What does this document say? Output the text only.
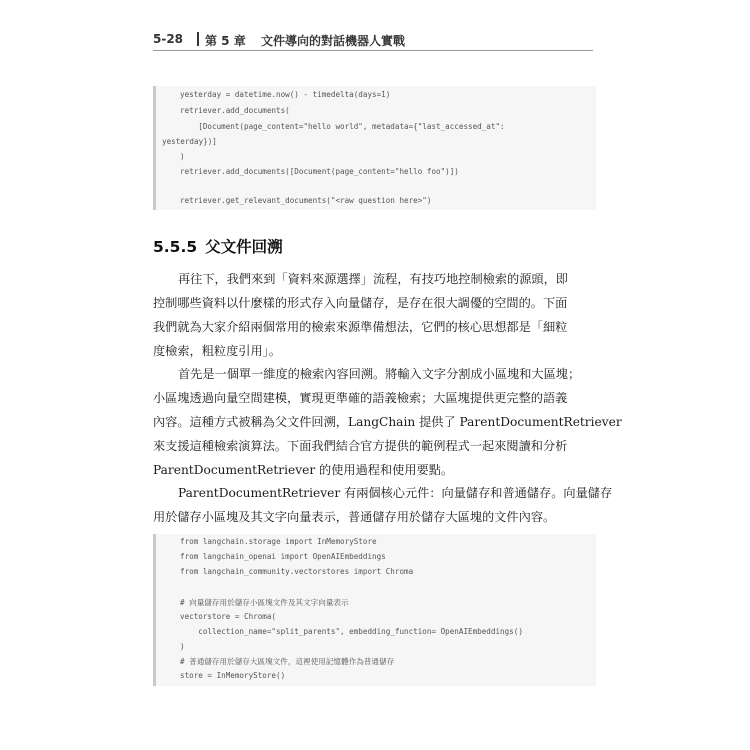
5-28 第 5 章 文件導向的對話機器人實戰
yesterday = datetime.now() - timedelta(days=1)
retriever.add_documents(
[Document(page_content="hello world", metadata={"last_accessed_at":
yesterday})]
)
retriever.add_documents([Document(page_content="hello foo")])
retriever.get_relevant_documents("<raw question here>")
5.5.5 父文件回溯
再往下，我們來到「資料來源選擇」流程，有技巧地控制檢索的源頭，即
控制哪些資料以什麼樣的形式存入向量儲存，是存在很大調優的空間的。下面
我們就為大家介紹兩個常用的檢索來源準備想法，它們的核心思想都是「細粒
度檢索，粗粒度引用」。
首先是一個單一維度的檢索內容回溯。將輸入文字分割成小區塊和大區塊；
小區塊透過向量空間建模，實現更準確的語義檢索；大區塊提供更完整的語義
內容。這種方式被稱為父文件回溯，LangChain 提供了 ParentDocumentRetriever
來支援這種檢索演算法。下面我們結合官方提供的範例程式一起來閱讀和分析
ParentDocumentRetriever 的使用過程和使用要點。
ParentDocumentRetriever 有兩個核心元件：向量儲存和普通儲存。向量儲存
用於儲存小區塊及其文字向量表示，普通儲存用於儲存大區塊的文件內容。
from langchain.storage import InMemoryStore
from langchain_openai import OpenAIEmbeddings
from langchain_community.vectorstores import Chroma
# 向量儲存用於儲存小區塊文件及其文字向量表示
vectorstore = Chroma(
collection_name="split_parents", embedding_function= OpenAIEmbeddings()
)
# 普通儲存用於儲存大區塊文件，這裡使用記憶體作為普通儲存
store = InMemoryStore()
